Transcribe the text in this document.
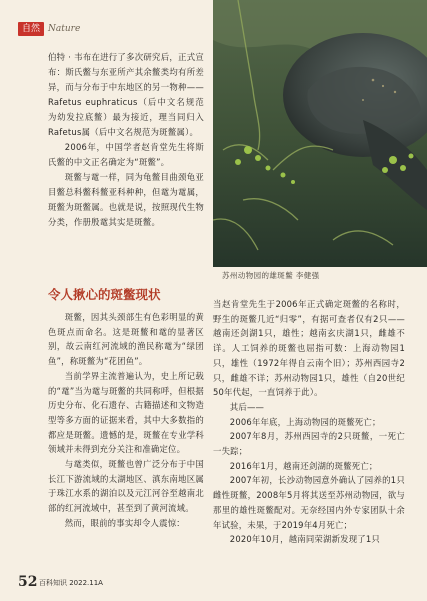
自然 Nature

伯特 · 韦布在进行了多次研究后，正式宣布：斯氏鳖与东亚所产其余鳖类均有所差异，而与分布于中东地区的另一物种——Rafetus euphraticus（后中文名规范为幼发拉底鳖）最为接近，理当同归入Rafetus属（后中文名规范为斑鳖属）。

2006年，中国学者赵肯堂先生将斯氏鳖的中文正名确定为“斑鳖”。

斑鳖与鼋一样，同为龟鳖目曲颈龟亚目鳖总科鳖科鳖亚科种种，但鼋为鼋属，斑鳖为斑鳖属。也就是说，按照现代生物分类，作册殷鼋其实是斑鳖。

苏州动物园的雄斑鳖 李健强
令人揪心的斑鳖现状

斑鳖，因其头颈部生有色彩明显的黄色斑点而命名。这是斑鳖和鼋的显著区别，故云南红河流域的渔民称鼋为“绿团鱼”，称斑鳖为“花团鱼”。

当前学界主流普遍认为，史上所记载的“鼋”当为鼋与斑鳖的共同称呼，但根据历史分布、化石遗存、古籍描述和文物造型等多方面的证据来看，其中大多数指的都应是斑鳖。遗憾的是，斑鳖在专业学科领域并未得到充分关注和准确定位。

与鼋类似，斑鳖也曾广泛分布于中国长江下游流域的太湖地区、滇东南地区属于珠江水系的湖泊以及元江河谷至越南北部的红河流域中，甚至到了黄河流域。

然而，眼前的事实却令人震惊：

当赵肯堂先生于2006年正式确定斑鳖的名称时，野生的斑鳖几近“归零”，有据可查者仅有2只——越南还剑湖1只，雄性；越南玄庆湖1只，雌雄不详。人工饲养的斑鳖也屈指可数：上海动物园1只，雄性（1972年得自云南个旧）；苏州西园寺2只，雌雄不详；苏州动物园1只，雄性（自20世纪50年代起，一直饲养于此）。

其后——

2006年年底，上海动物园的斑鳖死亡；

2007年8月，苏州西园寺的2只斑鳖，一死亡一失踪；

2016年1月，越南还剑湖的斑鳖死亡；

2007年初，长沙动物园意外确认了园养的1只雌性斑鳖，2008年5月将其送至苏州动物园，欲与那里的雄性斑鳖配对。无奈经国内外专家团队十余年试验，未果，于2019年4月死亡；

2020年10月，越南同荣湖新发现了1只

52 百科知识 2022.11A
